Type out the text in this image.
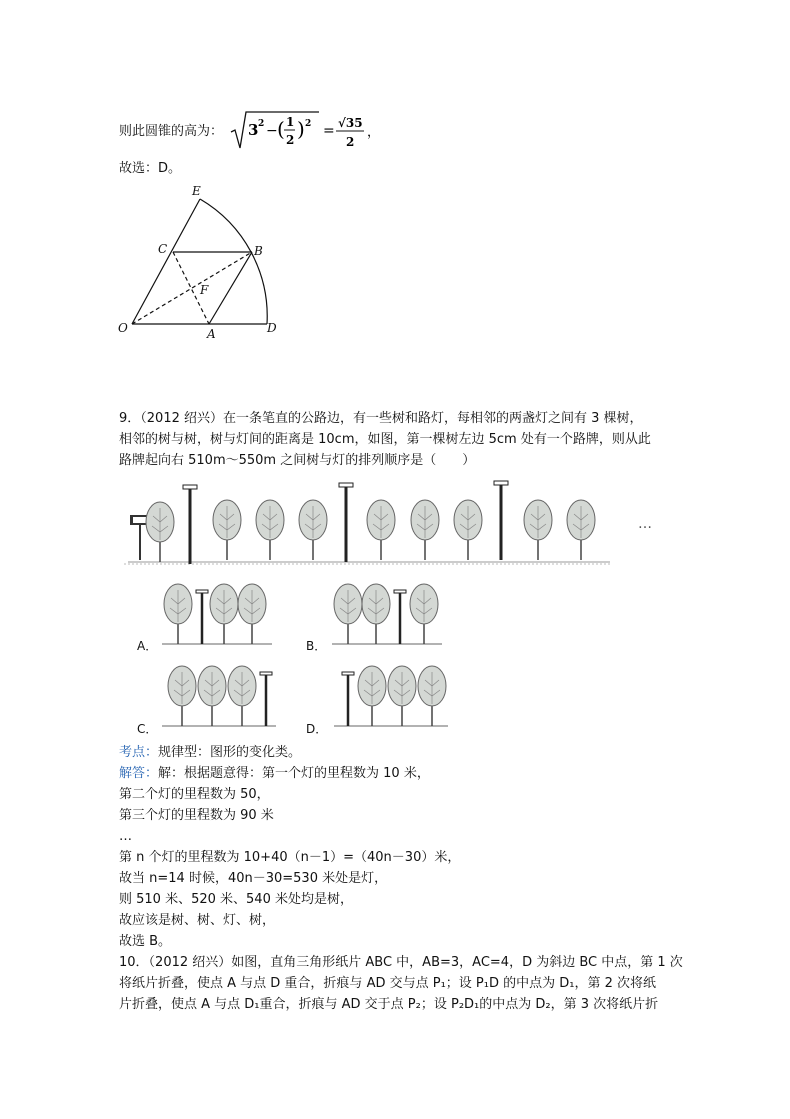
则此圆锥的高为： 3 2 − ( 1
2 ) 2 = √35
2
，
故选：D。
E
C	B
F
O	A	D
9．（2012 绍兴）在一条笔直的公路边，有一些树和路灯，每相邻的两盏灯之间有 3 棵树，
相邻的树与树，树与灯间的距离是 10cm，如图，第一棵树左边 5cm 处有一个路牌，则从此
路牌起向右 510m～550m 之间树与灯的排列顺序是（　　）
…
A．	B．
C．	D．
考点：规律型：图形的变化类。
解答：解：根据题意得：第一个灯的里程数为 10 米，
第二个灯的里程数为 50，
第三个灯的里程数为 90 米
…
第 n 个灯的里程数为 10+40（n－1）=（40n－30）米，
故当 n=14 时候，40n－30=530 米处是灯，
则 510 米、520 米、540 米处均是树，
故应该是树、树、灯、树，
故选 B。
10．（2012 绍兴）如图，直角三角形纸片 ABC 中，AB=3，AC=4，D 为斜边 BC 中点，第 1 次
将纸片折叠，使点 A 与点 D 重合，折痕与 AD 交与点 P₁；设 P₁D 的中点为 D₁，第 2 次将纸
片折叠，使点 A 与点 D₁重合，折痕与 AD 交于点 P₂；设 P₂D₁的中点为 D₂，第 3 次将纸片折
